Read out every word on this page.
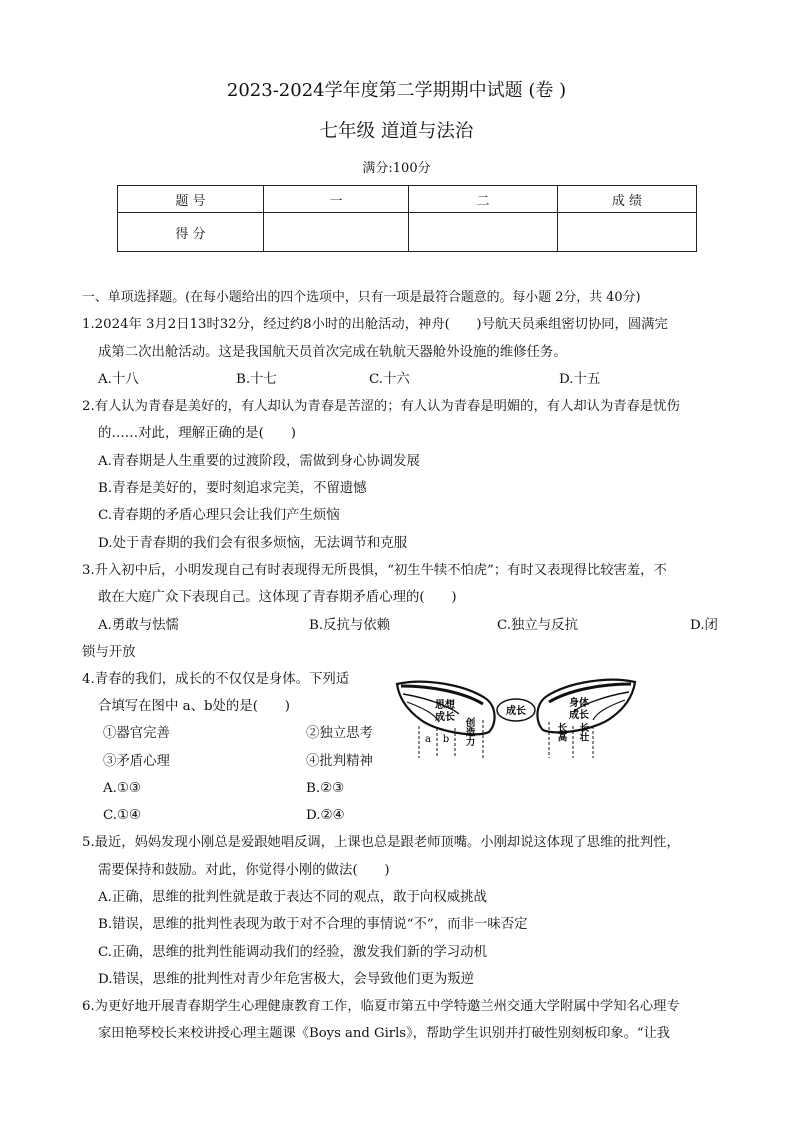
2023-2024学年度第二学期期中试题 (卷 )
七年级 道道与法治
满分:100分
题 号	一	二	成 绩
得 分			
一、单项选择题。(在每小题给出的四个选项中，只有一项是最符合题意的。每小题 2分，共 40分)
1.2024年 3月2日13时32分，经过约8小时的出舱活动，神舟(　　)号航天员乘组密切协同，圆满完
成第二次出舱活动。这是我国航天员首次完成在轨航天器舱外设施的维修任务。
A.十八	B.十七	C.十六	D.十五
2.有人认为青春是美好的，有人却认为青春是苦涩的；有人认为青春是明媚的，有人却认为青春是忧伤
的……对此，理解正确的是(　　)
A.青春期是人生重要的过渡阶段，需做到身心协调发展
B.青春是美好的，要时刻追求完美，不留遗憾
C.青春期的矛盾心理只会让我们产生烦恼
D.处于青春期的我们会有很多烦恼，无法调节和克服
3.升入初中后，小明发现自己有时表现得无所畏惧，“初生牛犊不怕虎”；有时又表现得比较害羞，不
敢在大庭广众下表现自己。这体现了青春期矛盾心理的(　　)
A.勇敢与怯懦	B.反抗与依赖	C.独立与反抗	D.闭
锁与开放
4.青春的我们，成长的不仅仅是身体。下列适
合填写在图中 a、b处的是(　　)
①器官完善	②独立思考
③矛盾心理	④批判精神
A.①③	B.②③
C.①④	D.②④
成长
思想
成长
身体
成长
a b 创造力	长高 长壮
5.最近，妈妈发现小刚总是爱跟她唱反调，上课也总是跟老师顶嘴。小刚却说这体现了思维的批判性，
需要保持和鼓励。对此，你觉得小刚的做法(　　)
A.正确，思维的批判性就是敢于表达不同的观点，敢于向权威挑战
B.错误，思维的批判性表现为敢于对不合理的事情说“不”，而非一味否定
C.正确，思维的批判性能调动我们的经验，激发我们新的学习动机
D.错误，思维的批判性对青少年危害极大，会导致他们更为叛逆
6.为更好地开展青春期学生心理健康教育工作，临夏市第五中学特邀兰州交通大学附属中学知名心理专
家田艳琴校长来校讲授心理主题课《Boys and Girls》，帮助学生识别并打破性别刻板印象。“让我
